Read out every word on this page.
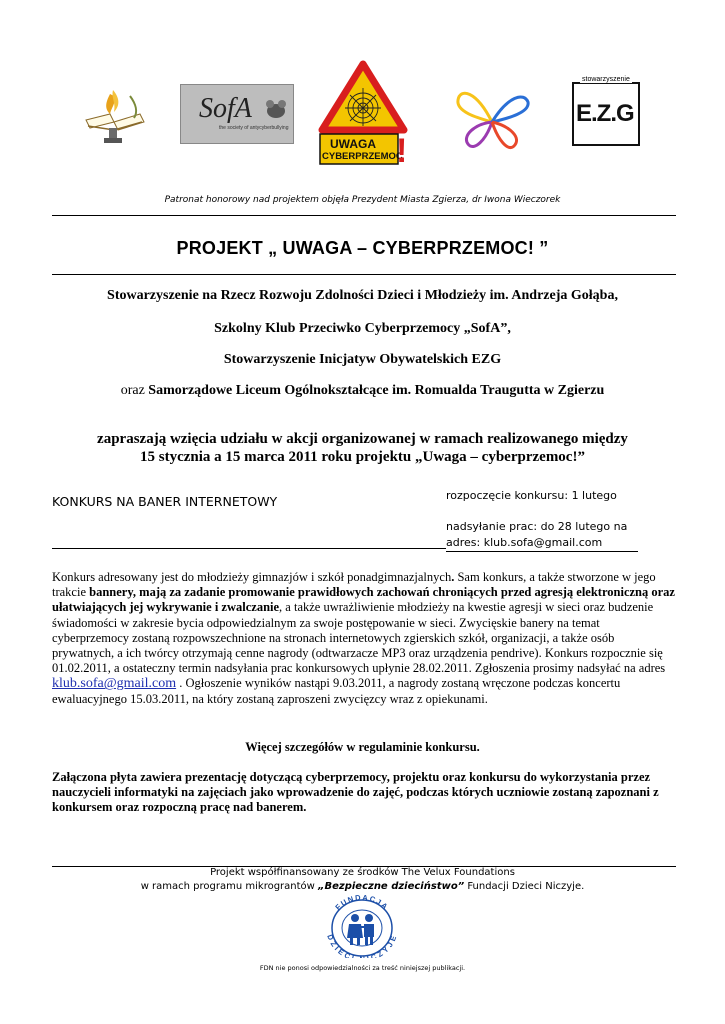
SofA
the society of antycyberbullying
UWAGA
CYBERPRZEMOC
!
stowarzyszenie
E.Z.G
Patronat honorowy nad projektem objęła Prezydent Miasta Zgierza, dr Iwona Wieczorek
PROJEKT „ UWAGA – CYBERPRZEMOC! ”
Stowarzyszenie na Rzecz Rozwoju Zdolności Dzieci i Młodzieży im. Andrzeja Gołąba,
Szkolny Klub Przeciwko Cyberprzemocy „SofA”,
Stowarzyszenie Inicjatyw Obywatelskich EZG
oraz Samorządowe Liceum Ogólnokształcące im. Romualda Traugutta w Zgierzu
zapraszają wzięcia udziału w akcji organizowanej w ramach realizowanego między
15 stycznia a 15 marca 2011 roku projektu „Uwaga – cyberprzemoc!”
KONKURS NA BANER INTERNETOWY	rozpoczęcie konkursu: 1 lutego
nadsyłanie prac: do 28 lutego na
adres: klub.sofa@gmail.com
Konkurs adresowany jest do młodzieży gimnazjów i szkół ponadgimnazjalnych. Sam konkurs, a także stworzone w jego trakcie bannery, mają za zadanie promowanie prawidłowych zachowań chroniących przed agresją elektroniczną oraz ułatwiających jej wykrywanie i zwalczanie, a także uwrażliwienie młodzieży na kwestie agresji w sieci oraz budzenie świadomości w zakresie bycia odpowiedzialnym za swoje postępowanie w sieci. Zwycięskie banery na temat cyberprzemocy zostaną rozpowszechnione na stronach internetowych zgierskich szkół, organizacji, a także osób prywatnych, a ich twórcy otrzymają cenne nagrody (odtwarzacze MP3 oraz urządzenia pendrive). Konkurs rozpocznie się 01.02.2011, a ostateczny termin nadsyłania prac konkursowych upłynie 28.02.2011. Zgłoszenia prosimy nadsyłać na adres klub.sofa@gmail.com . Ogłoszenie wyników nastąpi 9.03.2011, a nagrody zostaną wręczone podczas koncertu ewaluacyjnego 15.03.2011, na który zostaną zaproszeni zwycięzcy wraz z opiekunami.
Więcej szczegółów w regulaminie konkursu.
Załączona płyta zawiera prezentację dotyczącą cyberprzemocy, projektu oraz konkursu do wykorzystania przez nauczycieli informatyki na zajęciach jako wprowadzenie do zajęć, podczas których uczniowie zostaną zapoznani z konkursem oraz rozpoczną pracę nad banerem.
Projekt współfinansowany ze środków The Velux Foundations
w ramach programu mikrograntów „Bezpieczne dzieciństwo” Fundacji Dzieci Niczyje.
FUNDACJA
DZIEC CZYJE
FDN nie ponosi odpowiedzialności za treść niniejszej publikacji.
